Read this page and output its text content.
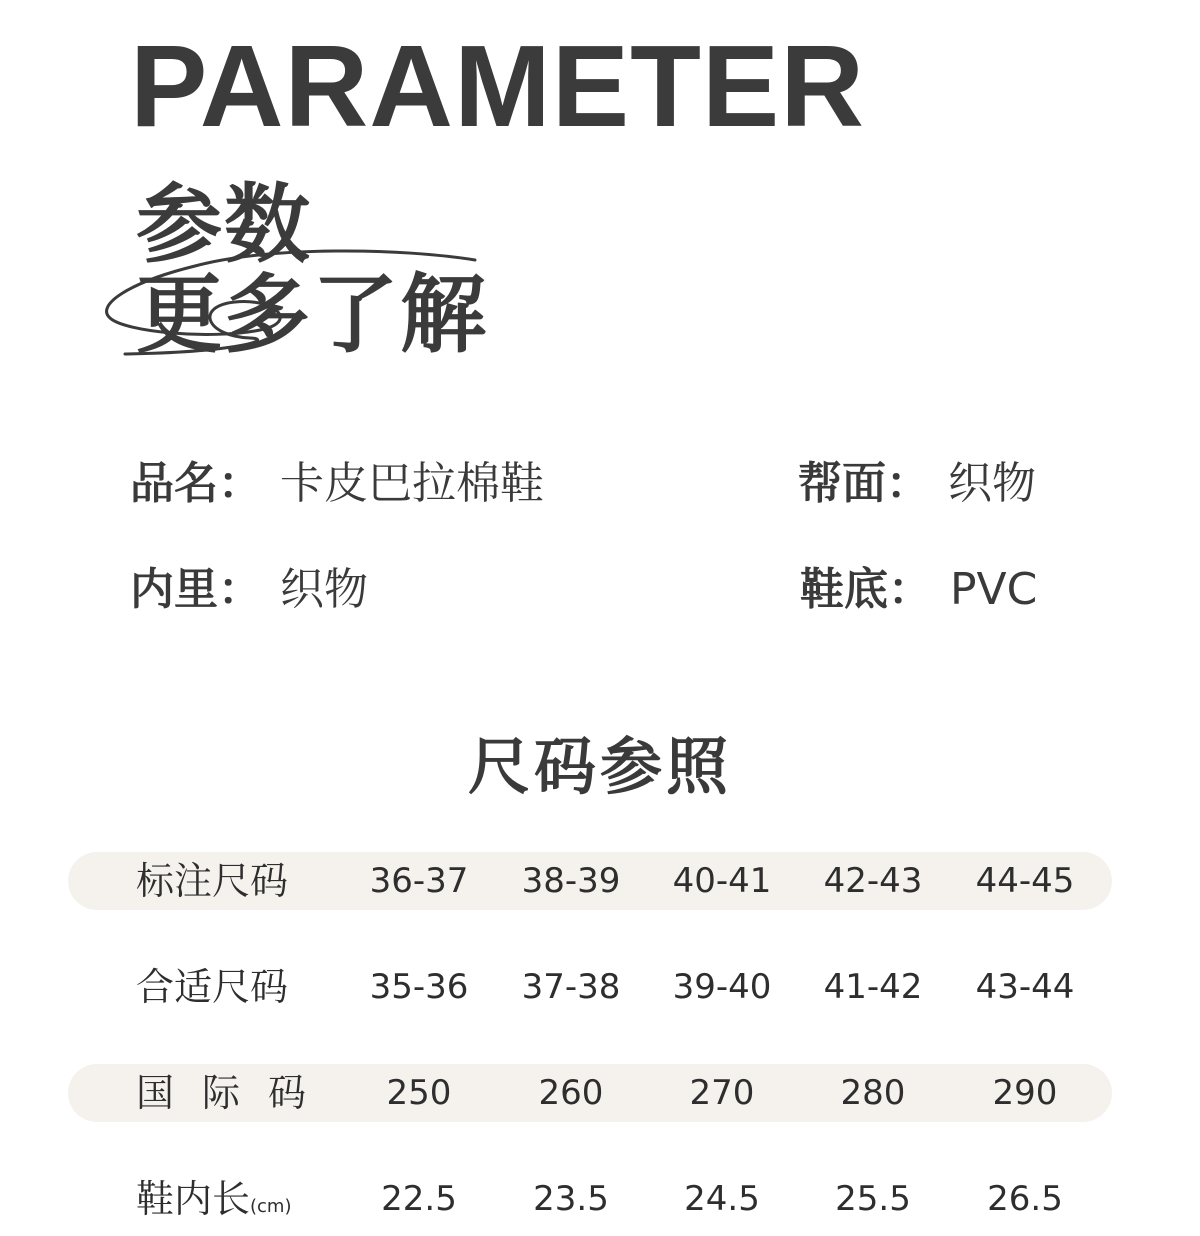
PARAMETER
参数
更多了解
品名： 卡皮巴拉棉鞋	帮面： 织物
内里： 织物	鞋底： PVC
尺码参照
标注尺码	36-37	38-39	40-41	42-43	44-45
合适尺码	35-36	37-38	39-40	41-42	43-44
国际码	250	260	270	280	290
鞋内长(cm)	22.5	23.5	24.5	25.5	26.5
